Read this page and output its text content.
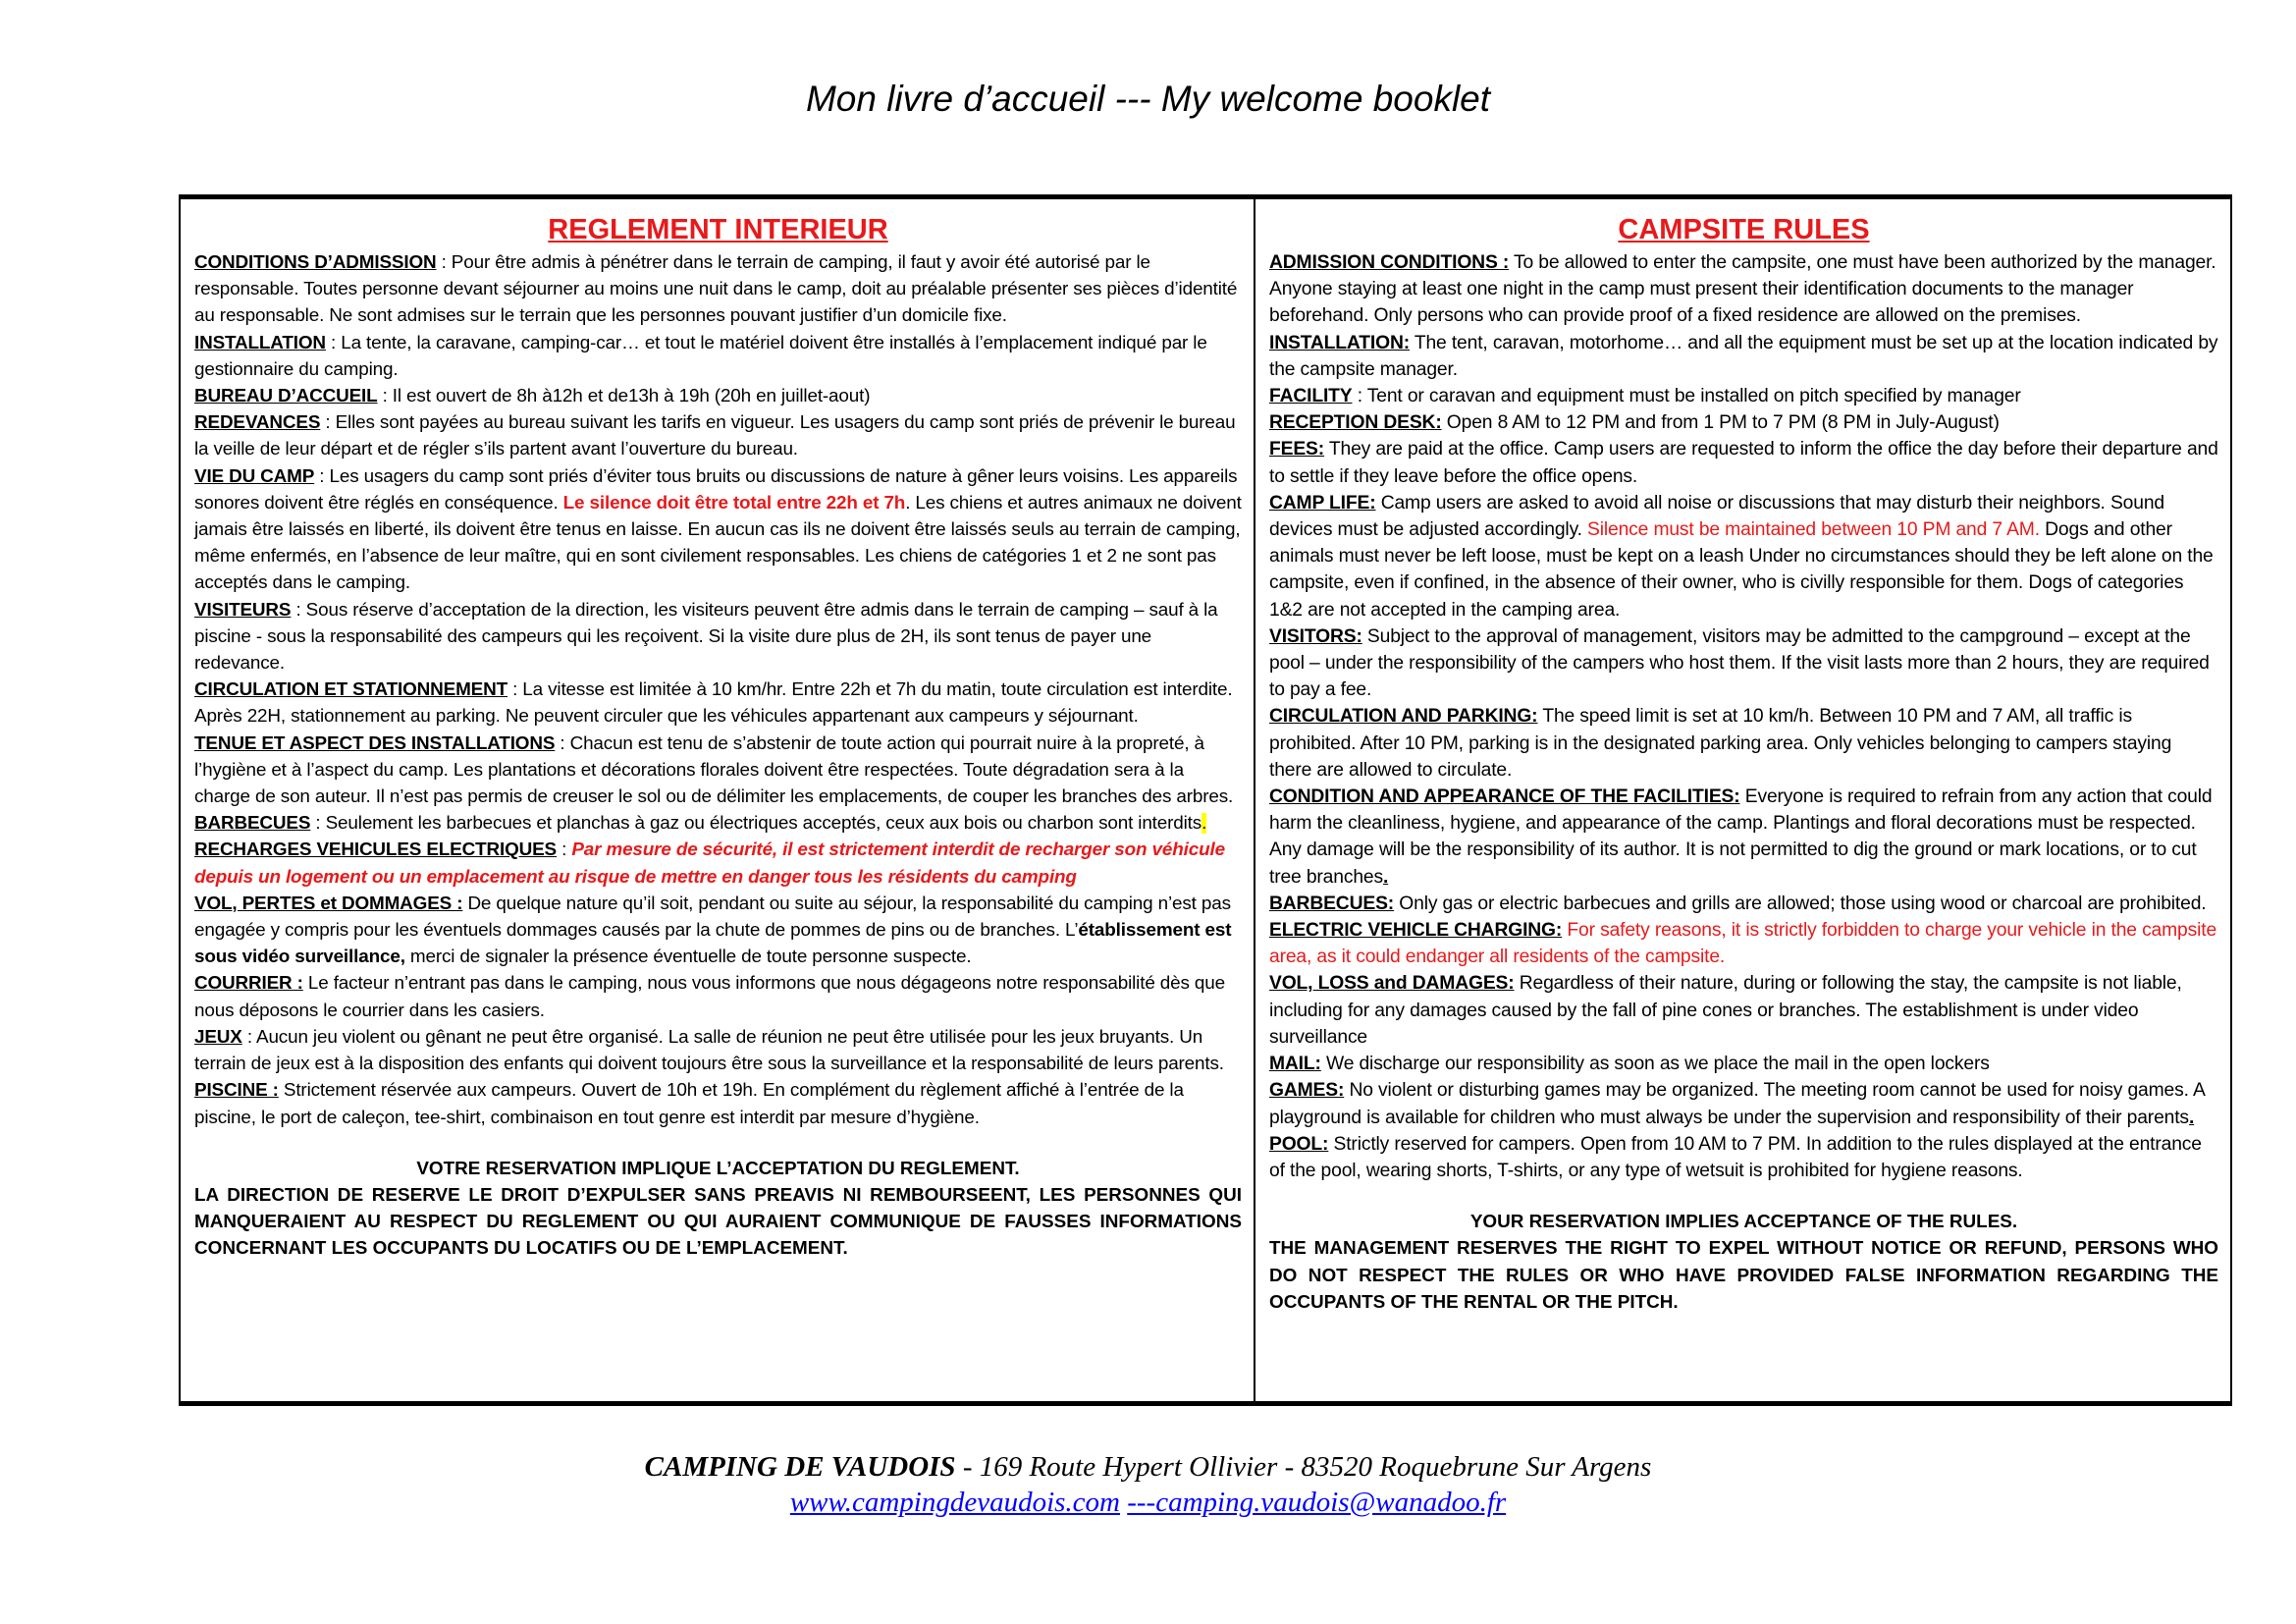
Mon livre d’accueil --- My welcome booklet

REGLEMENT INTERIEUR

CONDITIONS D’ADMISSION : Pour être admis à pénétrer dans le terrain de camping, il faut y avoir été autorisé par le responsable. Toutes personne devant séjourner au moins une nuit dans le camp, doit au préalable présenter ses pièces d’identité au responsable. Ne sont admises sur le terrain que les personnes pouvant justifier d’un domicile fixe.

INSTALLATION : La tente, la caravane, camping-car… et tout le matériel doivent être installés à l’emplacement indiqué par le gestionnaire du camping.

BUREAU D’ACCUEIL : Il est ouvert de 8h à12h et de13h à 19h (20h en juillet-aout)

REDEVANCES : Elles sont payées au bureau suivant les tarifs en vigueur. Les usagers du camp sont priés de prévenir le bureau la veille de leur départ et de régler s’ils partent avant l’ouverture du bureau.

VIE DU CAMP : Les usagers du camp sont priés d’éviter tous bruits ou discussions de nature à gêner leurs voisins. Les appareils sonores doivent être réglés en conséquence. Le silence doit être total entre 22h et 7h. Les chiens et autres animaux ne doivent jamais être laissés en liberté, ils doivent être tenus en laisse. En aucun cas ils ne doivent être laissés seuls au terrain de camping, même enfermés, en l’absence de leur maître, qui en sont civilement responsables. Les chiens de catégories 1 et 2 ne sont pas acceptés dans le camping.

VISITEURS : Sous réserve d’acceptation de la direction, les visiteurs peuvent être admis dans le terrain de camping – sauf à la piscine - sous la responsabilité des campeurs qui les reçoivent. Si la visite dure plus de 2H, ils sont tenus de payer une redevance.

CIRCULATION ET STATIONNEMENT : La vitesse est limitée à 10 km/hr. Entre 22h et 7h du matin, toute circulation est interdite. Après 22H, stationnement au parking. Ne peuvent circuler que les véhicules appartenant aux campeurs y séjournant.

TENUE ET ASPECT DES INSTALLATIONS : Chacun est tenu de s’abstenir de toute action qui pourrait nuire à la propreté, à l’hygiène et à l’aspect du camp. Les plantations et décorations florales doivent être respectées. Toute dégradation sera à la charge de son auteur. Il n’est pas permis de creuser le sol ou de délimiter les emplacements, de couper les branches des arbres.

BARBECUES : Seulement les barbecues et planchas à gaz ou électriques acceptés, ceux aux bois ou charbon sont interdits.

RECHARGES VEHICULES ELECTRIQUES : Par mesure de sécurité, il est strictement interdit de recharger son véhicule depuis un logement ou un emplacement au risque de mettre en danger tous les résidents du camping

VOL, PERTES et DOMMAGES : De quelque nature qu’il soit, pendant ou suite au séjour, la responsabilité du camping n’est pas engagée y compris pour les éventuels dommages causés par la chute de pommes de pins ou de branches. L’établissement est sous vidéo surveillance, merci de signaler la présence éventuelle de toute personne suspecte.

COURRIER : Le facteur n’entrant pas dans le camping, nous vous informons que nous dégageons notre responsabilité dès que nous déposons le courrier dans les casiers.

JEUX : Aucun jeu violent ou gênant ne peut être organisé. La salle de réunion ne peut être utilisée pour les jeux bruyants. Un terrain de jeux est à la disposition des enfants qui doivent toujours être sous la surveillance et la responsabilité de leurs parents.

PISCINE : Strictement réservée aux campeurs. Ouvert de 10h et 19h. En complément du règlement affiché à l’entrée de la piscine, le port de caleçon, tee-shirt, combinaison en tout genre est interdit par mesure d’hygiène.

VOTRE RESERVATION IMPLIQUE L’ACCEPTATION DU REGLEMENT.

LA DIRECTION DE RESERVE LE DROIT D’EXPULSER SANS PREAVIS NI REMBOURSEENT, LES PERSONNES QUI MANQUERAIENT AU RESPECT DU REGLEMENT OU QUI AURAIENT COMMUNIQUE DE FAUSSES INFORMATIONS CONCERNANT LES OCCUPANTS DU LOCATIFS OU DE L’EMPLACEMENT.

CAMPSITE RULES

ADMISSION CONDITIONS : To be allowed to enter the campsite, one must have been authorized by the manager. Anyone staying at least one night in the camp must present their identification documents to the manager beforehand. Only persons who can provide proof of a fixed residence are allowed on the premises.

INSTALLATION: The tent, caravan, motorhome… and all the equipment must be set up at the location indicated by the campsite manager.

FACILITY : Tent or caravan and equipment must be installed on pitch specified by manager

RECEPTION DESK: Open 8 AM to 12 PM and from 1 PM to 7 PM (8 PM in July-August)

FEES: They are paid at the office. Camp users are requested to inform the office the day before their departure and to settle if they leave before the office opens.

CAMP LIFE: Camp users are asked to avoid all noise or discussions that may disturb their neighbors. Sound devices must be adjusted accordingly. Silence must be maintained between 10 PM and 7 AM. Dogs and other animals must never be left loose, must be kept on a leash Under no circumstances should they be left alone on the campsite, even if confined, in the absence of their owner, who is civilly responsible for them. Dogs of categories 1&2 are not accepted in the camping area.

VISITORS: Subject to the approval of management, visitors may be admitted to the campground – except at the pool – under the responsibility of the campers who host them. If the visit lasts more than 2 hours, they are required to pay a fee.

CIRCULATION AND PARKING: The speed limit is set at 10 km/h. Between 10 PM and 7 AM, all traffic is prohibited. After 10 PM, parking is in the designated parking area. Only vehicles belonging to campers staying there are allowed to circulate.

CONDITION AND APPEARANCE OF THE FACILITIES: Everyone is required to refrain from any action that could harm the cleanliness, hygiene, and appearance of the camp. Plantings and floral decorations must be respected. Any damage will be the responsibility of its author. It is not permitted to dig the ground or mark locations, or to cut tree branches.

BARBECUES: Only gas or electric barbecues and grills are allowed; those using wood or charcoal are prohibited.

ELECTRIC VEHICLE CHARGING: For safety reasons, it is strictly forbidden to charge your vehicle in the campsite area, as it could endanger all residents of the campsite.

VOL, LOSS and DAMAGES: Regardless of their nature, during or following the stay, the campsite is not liable, including for any damages caused by the fall of pine cones or branches. The establishment is under video surveillance

MAIL: We discharge our responsibility as soon as we place the mail in the open lockers

GAMES: No violent or disturbing games may be organized. The meeting room cannot be used for noisy games. A playground is available for children who must always be under the supervision and responsibility of their parents.

POOL: Strictly reserved for campers. Open from 10 AM to 7 PM. In addition to the rules displayed at the entrance of the pool, wearing shorts, T-shirts, or any type of wetsuit is prohibited for hygiene reasons.

YOUR RESERVATION IMPLIES ACCEPTANCE OF THE RULES.

THE MANAGEMENT RESERVES THE RIGHT TO EXPEL WITHOUT NOTICE OR REFUND, PERSONS WHO DO NOT RESPECT THE RULES OR WHO HAVE PROVIDED FALSE INFORMATION REGARDING THE OCCUPANTS OF THE RENTAL OR THE PITCH.

CAMPING DE VAUDOIS - 169 Route Hypert Ollivier - 83520 Roquebrune Sur Argens
www.campingdevaudois.com ---camping.vaudois@wanadoo.fr
